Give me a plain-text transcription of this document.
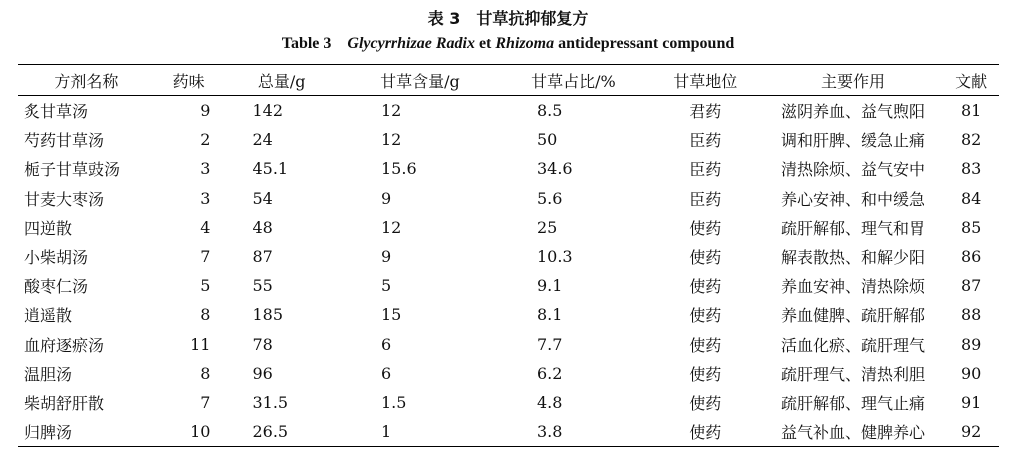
表 3　甘草抗抑郁复方
Table 3 Glycyrrhizae Radix et Rhizoma antidepressant compound
方剂名称	药味	总量/g	甘草含量/g	甘草占比/%	甘草地位	主要作用	文献
炙甘草汤	9	142	12	8.5	君药	滋阴养血、益气煦阳	81
芍药甘草汤	2	24	12	50	臣药	调和肝脾、缓急止痛	82
栀子甘草豉汤	3	45.1	15.6	34.6	臣药	清热除烦、益气安中	83
甘麦大枣汤	3	54	9	5.6	臣药	养心安神、和中缓急	84
四逆散	4	48	12	25	使药	疏肝解郁、理气和胃	85
小柴胡汤	7	87	9	10.3	使药	解表散热、和解少阳	86
酸枣仁汤	5	55	5	9.1	使药	养血安神、清热除烦	87
逍遥散	8	185	15	8.1	使药	养血健脾、疏肝解郁	88
血府逐瘀汤	11	78	6	7.7	使药	活血化瘀、疏肝理气	89
温胆汤	8	96	6	6.2	使药	疏肝理气、清热利胆	90
柴胡舒肝散	7	31.5	1.5	4.8	使药	疏肝解郁、理气止痛	91
归脾汤	10	26.5	1	3.8	使药	益气补血、健脾养心	92
